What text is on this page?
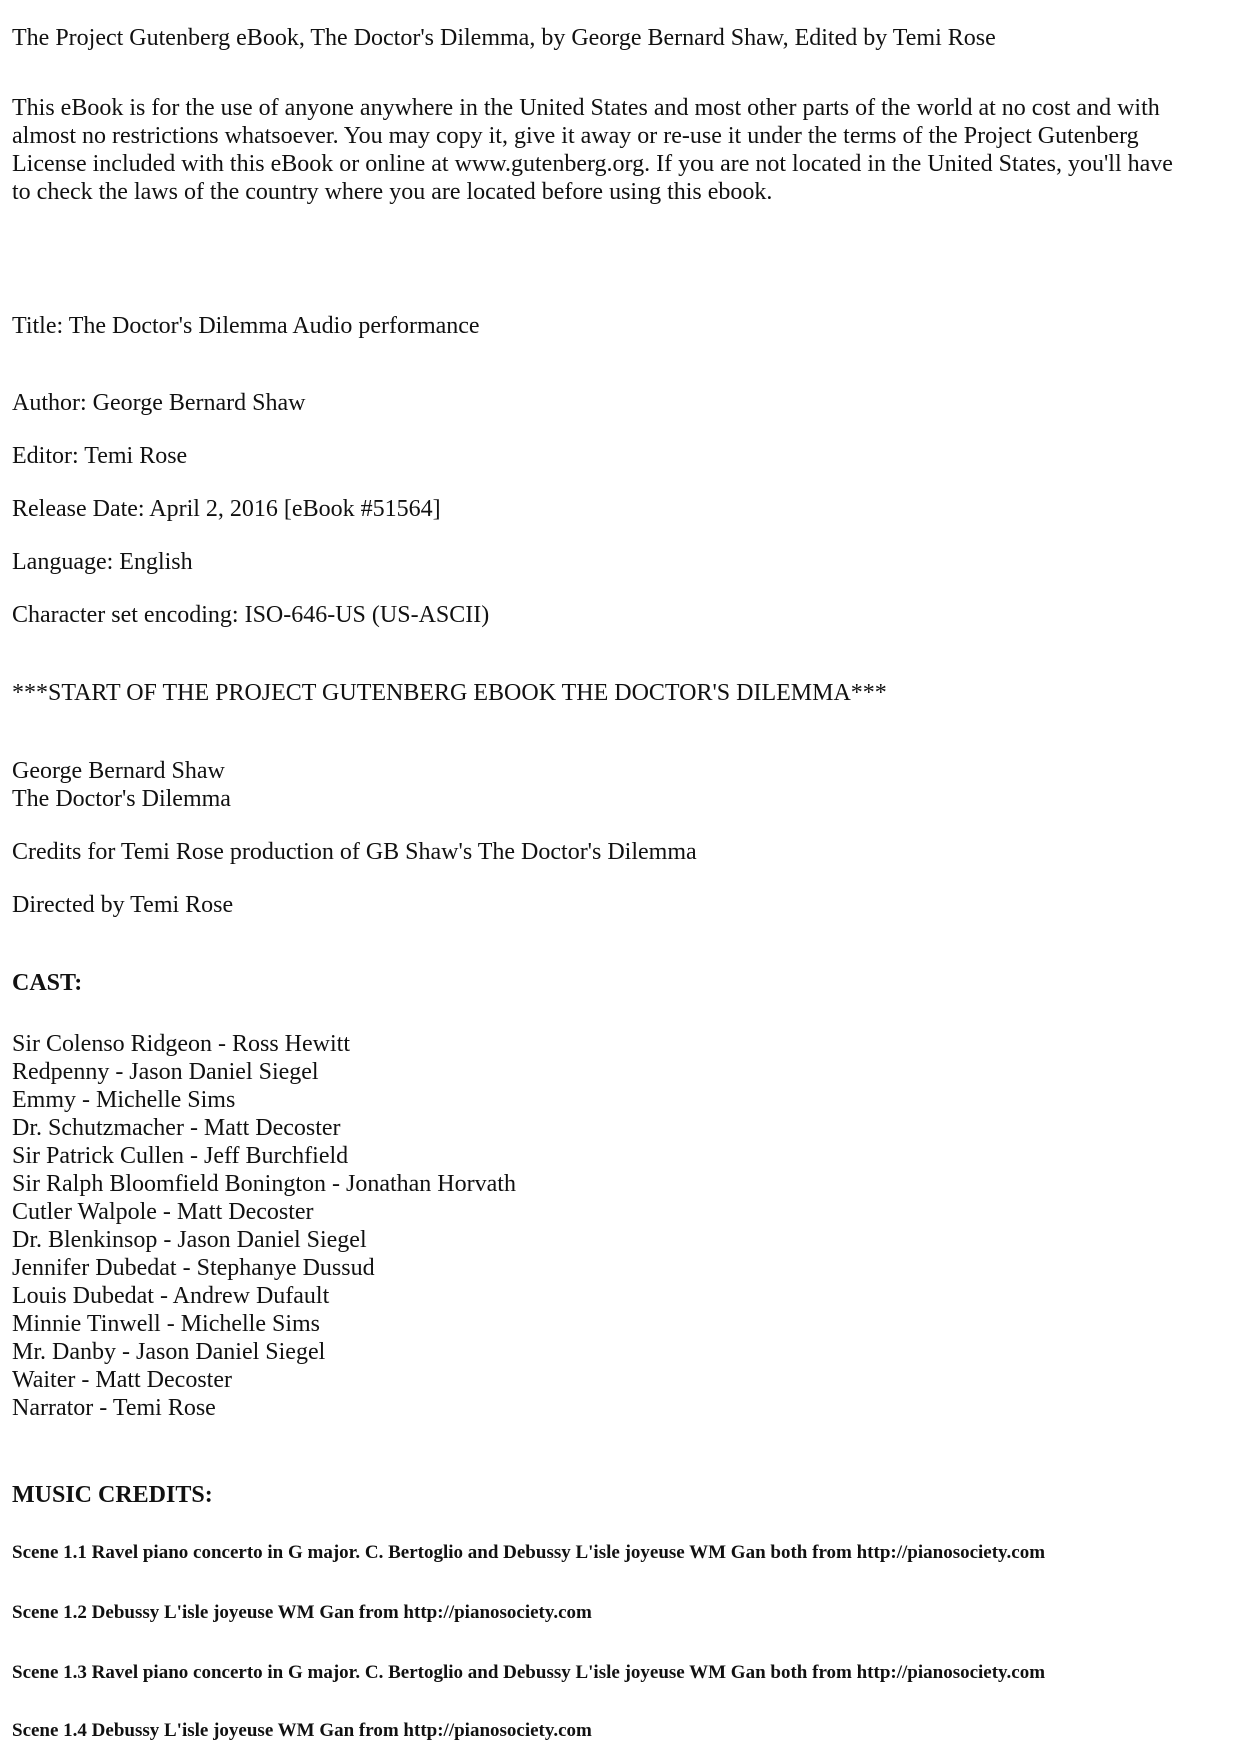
The Project Gutenberg eBook, The Doctor's Dilemma, by George Bernard Shaw, Edited by Temi Rose
This eBook is for the use of anyone anywhere in the United States and most other parts of the world at no cost and with
almost no restrictions whatsoever. You may copy it, give it away or re-use it under the terms of the Project Gutenberg
License included with this eBook or online at www.gutenberg.org. If you are not located in the United States, you'll have
to check the laws of the country where you are located before using this ebook.
Title: The Doctor's Dilemma Audio performance
Author: George Bernard Shaw
Editor: Temi Rose
Release Date: April 2, 2016 [eBook #51564]
Language: English
Character set encoding: ISO-646-US (US-ASCII)
***START OF THE PROJECT GUTENBERG EBOOK THE DOCTOR'S DILEMMA***
George Bernard Shaw
The Doctor's Dilemma
Credits for Temi Rose production of GB Shaw's The Doctor's Dilemma
Directed by Temi Rose
CAST:
Sir Colenso Ridgeon - Ross Hewitt
Redpenny - Jason Daniel Siegel
Emmy - Michelle Sims
Dr. Schutzmacher - Matt Decoster
Sir Patrick Cullen - Jeff Burchfield
Sir Ralph Bloomfield Bonington - Jonathan Horvath
Cutler Walpole - Matt Decoster
Dr. Blenkinsop - Jason Daniel Siegel
Jennifer Dubedat - Stephanye Dussud
Louis Dubedat - Andrew Dufault
Minnie Tinwell - Michelle Sims
Mr. Danby - Jason Daniel Siegel
Waiter - Matt Decoster
Narrator - Temi Rose
MUSIC CREDITS:
Scene 1.1 Ravel piano concerto in G major. C. Bertoglio and Debussy L'isle joyeuse WM Gan both from http://pianosociety.com
Scene 1.2 Debussy L'isle joyeuse WM Gan from http://pianosociety.com
Scene 1.3 Ravel piano concerto in G major. C. Bertoglio and Debussy L'isle joyeuse WM Gan both from http://pianosociety.com
Scene 1.4 Debussy L'isle joyeuse WM Gan from http://pianosociety.com
